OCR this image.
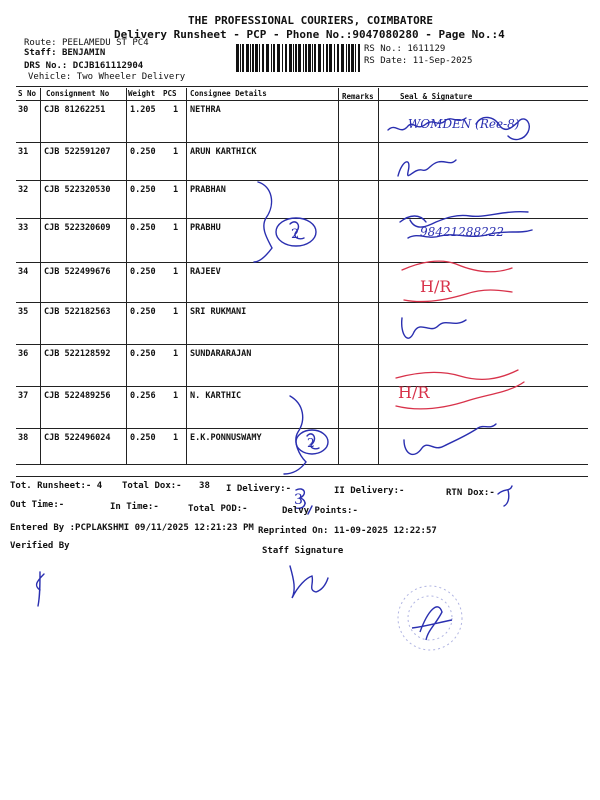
THE PROFESSIONAL COURIERS, COIMBATORE
Delivery Runsheet - PCP - Phone No.:9047080280 - Page No.:4
Route: PEELAMEDU ST PC4
Staff: BENJAMIN
DRS No.: DCJB161112904
Vehicle: Two Wheeler Delivery
RS No.: 1611129
RS Date: 11-Sep-2025
S No Consignment No	Weight PCS Consignee Details	Remarks	Seal & Signature
30 CJB 81262251	1.205 1 NETHRA
31 CJB 522591207 0.250 1 ARUN KARTHICK
32 CJB 522320530 0.250 1 PRABHAN
33 CJB 522320609 0.250 1 PRABHU
34 CJB 522499676 0.250 1 RAJEEV
35 CJB 522182563 0.250 1 SRI RUKMANI
36 CJB 522128592 0.250 1 SUNDARARAJAN
37 CJB 522489256 0.256 1 N. KARTHIC
38 CJB 522496024 0.250 1 E.K.PONNUSWAMY
H/R
H/R
WOMDEN (Ree-8)
98421288222
2
2
3,
Tot. Runsheet:- 4 Total Dox:- 38 I Delivery:-	II Delivery:-	RTN Dox:-
Out Time:-	In Time:-	Total POD:-	Delvy Points:-
Entered By :PCPLAKSHMI 09/11/2025 12:21:23 PM Reprinted On: 11-09-2025 12:22:57
Verified By	Staff Signature
